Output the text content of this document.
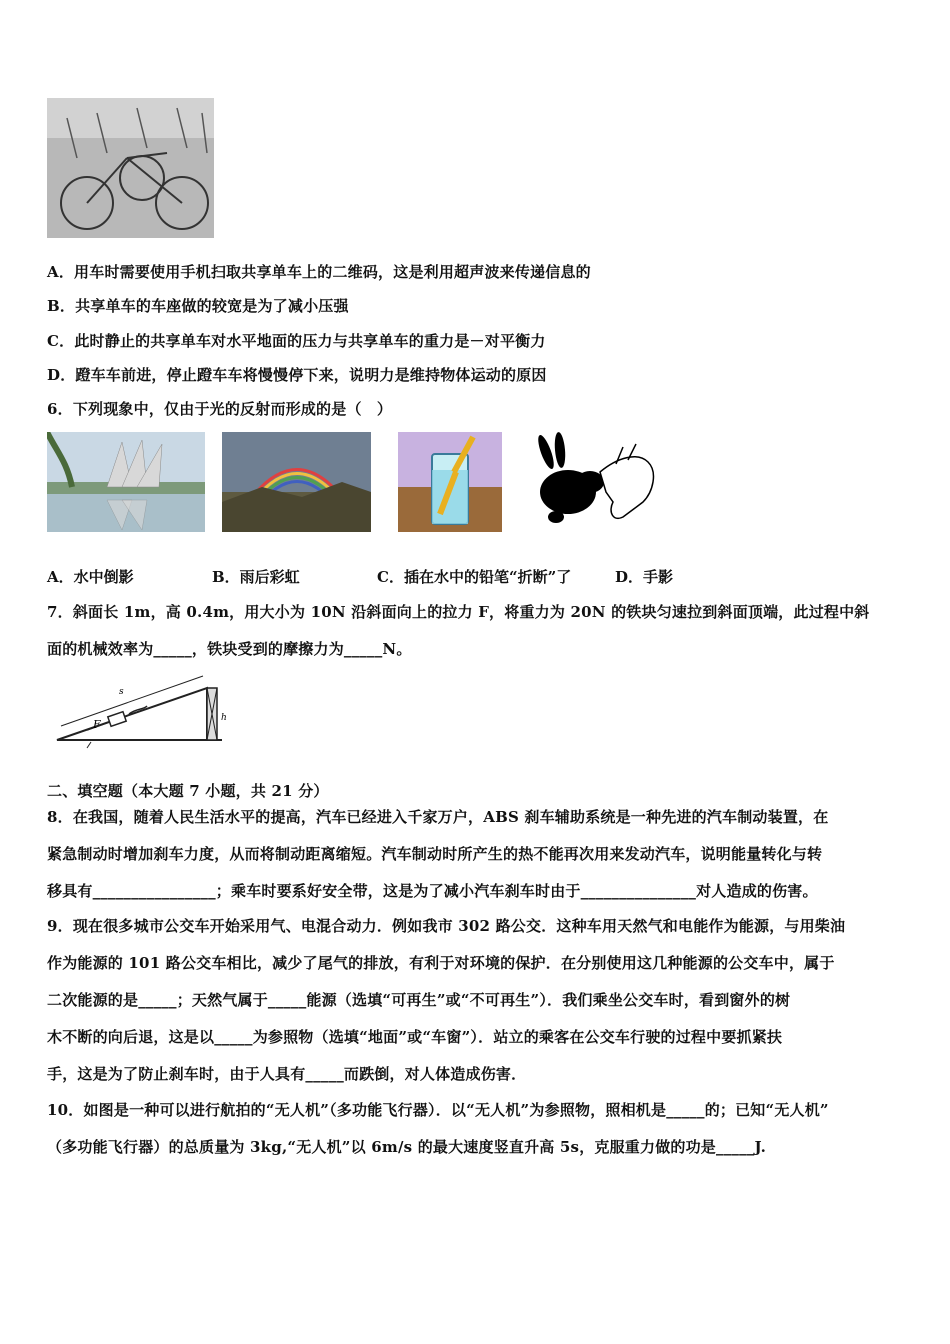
A．用车时需要使用手机扫取共享单车上的二维码，这是利用超声波来传递信息的
B．共享单车的车座做的较宽是为了减小压强
C．此时静止的共享单车对水平地面的压力与共享单车的重力是－对平衡力
D．蹬车车前进，停止蹬车车将慢慢停下来，说明力是维持物体运动的原因
6．下列现象中，仅由于光的反射而形成的是（　）
A．水中倒影	B．雨后彩虹	C．插在水中的铅笔“折断”了	D．手影
7．斜面长 1m，高 0.4m，用大小为 10N 沿斜面向上的拉力 F，将重力为 20N 的铁块匀速拉到斜面顶端，此过程中斜
面的机械效率为_____，铁块受到的摩擦力为_____N。
s
F	h
二、填空题（本大题 7 小题，共 21 分）
8．在我国，随着人民生活水平的提高，汽车已经进入千家万户，ABS 刹车辅助系统是一种先进的汽车制动装置，在
紧急制动时增加刹车力度，从而将制动距离缩短。汽车制动时所产生的热不能再次用来发动汽车，说明能量转化与转
移具有________________；乘车时要系好安全带，这是为了减小汽车刹车时由于_______________对人造成的伤害。
9．现在很多城市公交车开始采用气、电混合动力．例如我市 302 路公交．这种车用天然气和电能作为能源，与用柴油
作为能源的 101 路公交车相比，减少了尾气的排放，有利于对环境的保护．在分别使用这几种能源的公交车中，属于
二次能源的是_____；天然气属于_____能源（选填“可再生”或“不可再生”）．我们乘坐公交车时，看到窗外的树
木不断的向后退，这是以_____为参照物（选填“地面”或“车窗”）．站立的乘客在公交车行驶的过程中要抓紧扶
手，这是为了防止刹车时，由于人具有_____而跌倒，对人体造成伤害．
10．如图是一种可以进行航拍的“无人机”（多功能飞行器）．以“无人机”为参照物，照相机是_____的；已知“无人机”
（多功能飞行器）的总质量为 3kg,“无人机”以 6m/s 的最大速度竖直升高 5s，克服重力做的功是_____J.
